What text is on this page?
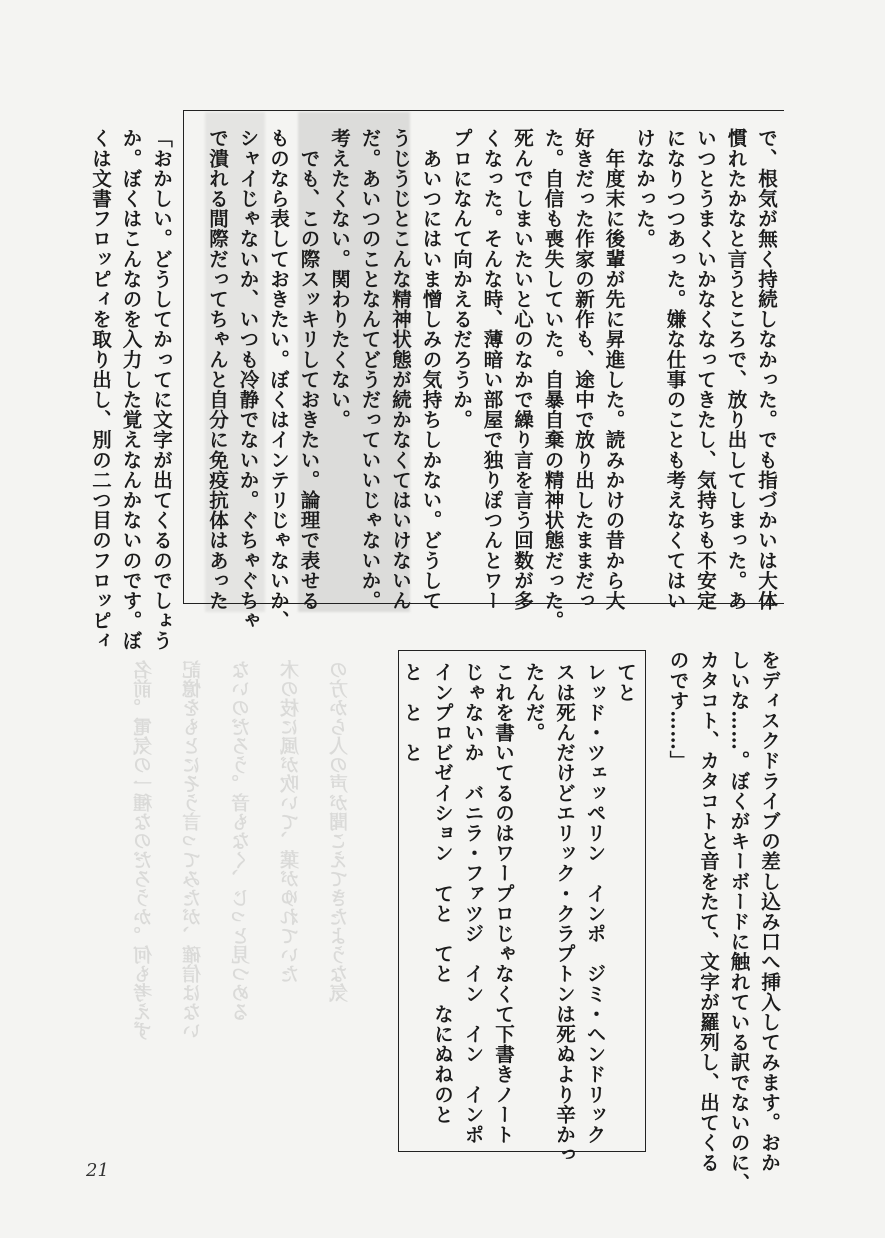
名前。電気の一種なのだろうか。何も考えず 記憶をもとにそう言ってみたが、確信はない ないのだろう。音もなく、じっと見つめる 木の枝に風が吹いて、葉がゆれていた の方から人の声が聞こえてきたような気

で、根気が無く持続しなかった。でも指づかいは大体

慣れたかなと言うところで、放り出してしまった。あ

いつとうまくいかなくなってきたし、気持ちも不安定

になりつつあった。嫌な仕事のことも考えなくてはい

けなかった。

　年度末に後輩が先に昇進した。読みかけの昔から大

好きだった作家の新作も、途中で放り出したままだっ

た。自信も喪失していた。自暴自棄の精神状態だった。

死んでしまいたいと心のなかで繰り言を言う回数が多

くなった。そんな時、薄暗い部屋で独りぽつんとワー

プロになんて向かえるだろうか。

　あいつにはいま憎しみの気持ちしかない。どうして

うじうじとこんな精神状態が続かなくてはいけないん

だ。あいつのことなんてどうだっていいじゃないか。

考えたくない。関わりたくない。

　でも、この際スッキリしておきたい。論理で表せる

ものなら表しておきたい。ぼくはインテリじゃないか、

シャイじゃないか、いつも冷静でないか。ぐちゃぐちゃ

で潰れる間際だってちゃんと自分に免疫抗体はあった

「おかしい。どうしてかってに文字が出てくるのでしょう

か。ぼくはこんなのを入力した覚えなんかないのです。ぼ

くは文書フロッピィを取り出し、別の二つ目のフロッピィ

をディスクドライブの差し込み口へ挿入してみます。おか

しいな……。ぼくがキーボードに触れている訳でないのに、

カタコト、カタコトと音をたて、文字が羅列し、出てくる

のです……」

てと

レッド・ツェッペリン　インポ　ジミ・ヘンドリック

スは死んだけどエリック・クラプトンは死ぬより辛かっ

たんだ。

これを書いてるのはワープロじゃなくて下書きノート

じゃないか　バニラ・ファツジ　イン　イン　インポ

インプロビゼイション　てと　てと　なにぬねのと

と　と　と

21
